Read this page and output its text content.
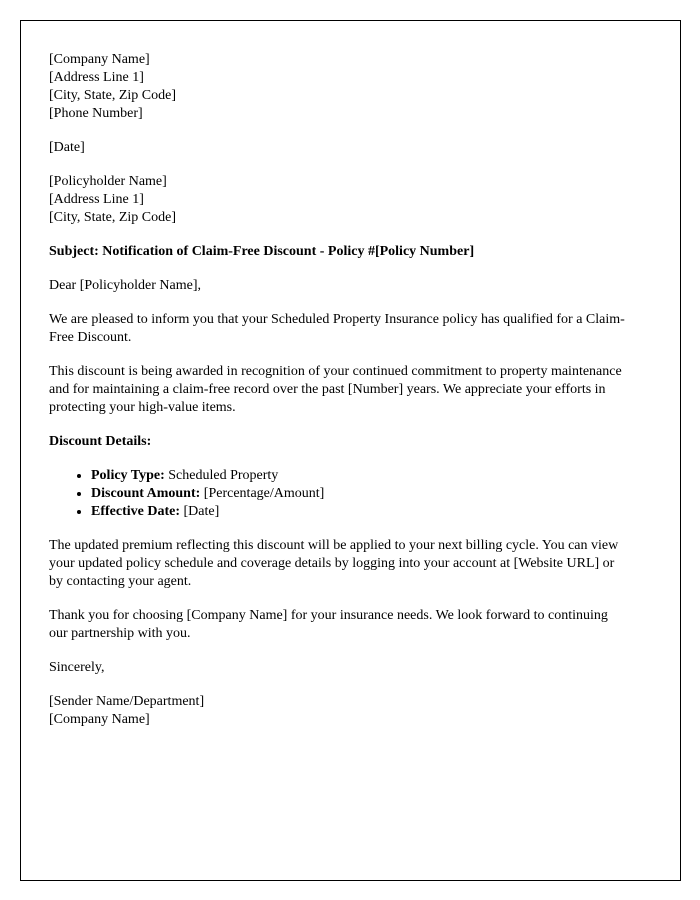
[Company Name]
[Address Line 1]
[City, State, Zip Code]
[Phone Number]
[Date]
[Policyholder Name]
[Address Line 1]
[City, State, Zip Code]
Subject: Notification of Claim-Free Discount - Policy #[Policy Number]
Dear [Policyholder Name],
We are pleased to inform you that your Scheduled Property Insurance policy has qualified for a Claim-Free Discount.
This discount is being awarded in recognition of your continued commitment to property maintenance and for maintaining a claim-free record over the past [Number] years. We appreciate your efforts in protecting your high-value items.
Discount Details:
• Policy Type: Scheduled Property
• Discount Amount: [Percentage/Amount]
• Effective Date: [Date]
The updated premium reflecting this discount will be applied to your next billing cycle. You can view your updated policy schedule and coverage details by logging into your account at [Website URL] or by contacting your agent.
Thank you for choosing [Company Name] for your insurance needs. We look forward to continuing our partnership with you.
Sincerely,
[Sender Name/Department]
[Company Name]
